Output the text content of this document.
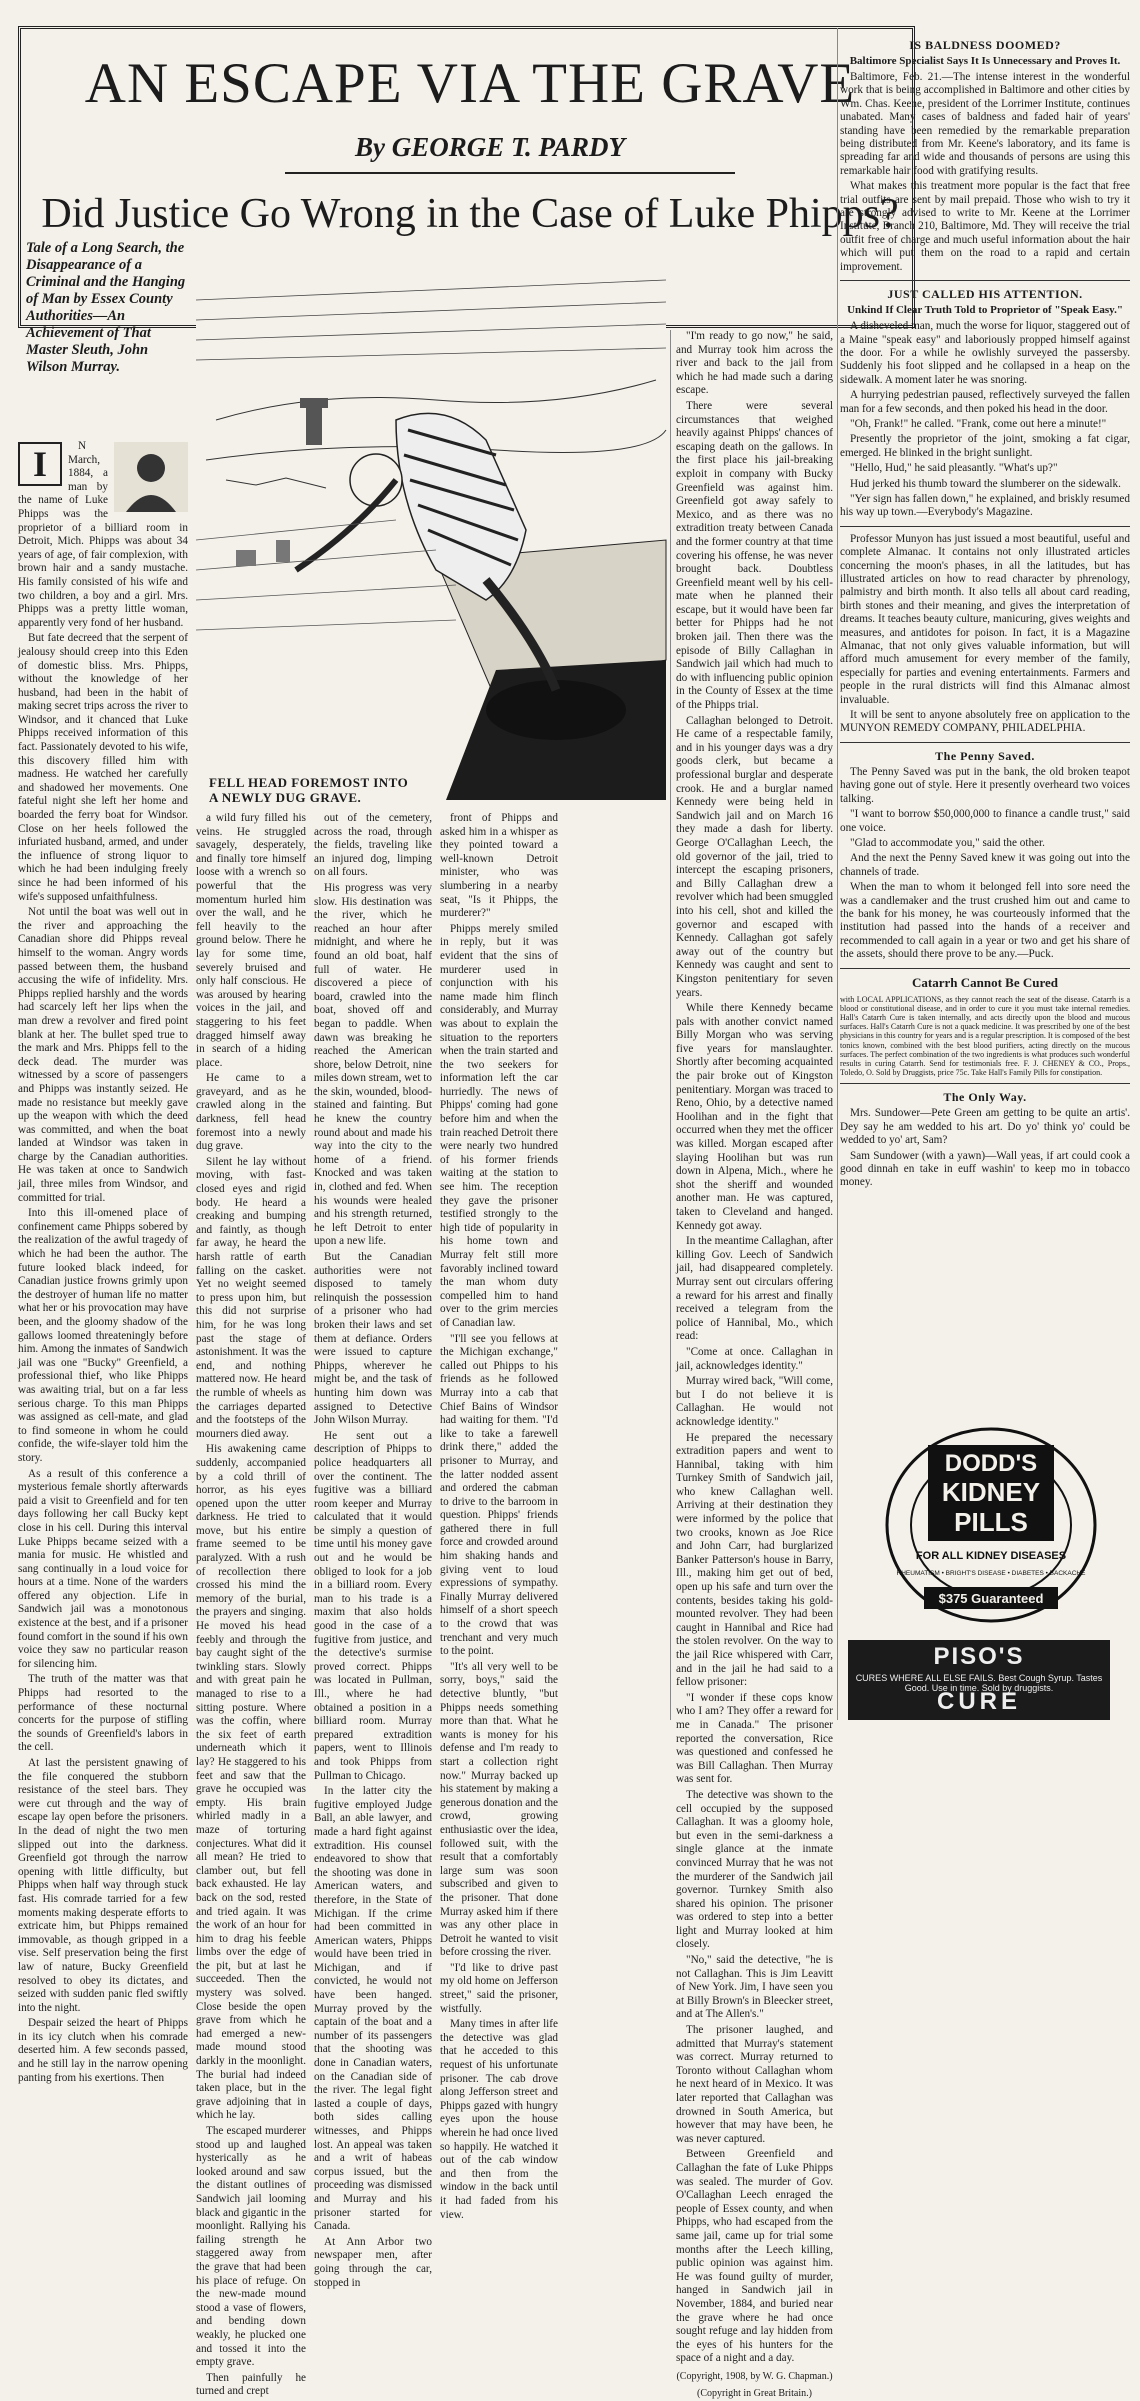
AN ESCAPE VIA THE GRAVE
By GEORGE T. PARDY
Did Justice Go Wrong in the Case of Luke Phipps?
Tale of a Long Search, the Disappearance of a Criminal and the Hanging of Man by Essex County Authorities—An Achievement of That Master Sleuth, John Wilson Murray.
FELL HEAD FOREMOST INTO A NEWLY DUG GRAVE.
I	N March, 1884, a man by the name of Luke Phipps was the proprietor of a billiard room in Detroit, Mich. Phipps was about 34 years of age, of fair complexion, with brown hair and a sandy mustache. His family consisted of his wife and two children, a boy and a girl. Mrs. Phipps was a pretty little woman, apparently very fond of her husband.

But fate decreed that the serpent of jealousy should creep into this Eden of domestic bliss. Mrs. Phipps, without the knowledge of her husband, had been in the habit of making secret trips across the river to Windsor, and it chanced that Luke Phipps received information of this fact. Passionately devoted to his wife, this discovery filled him with madness. He watched her carefully and shadowed her movements. One fateful night she left her home and boarded the ferry boat for Windsor. Close on her heels followed the infuriated husband, armed, and under the influence of strong liquor to which he had been indulging freely since he had been informed of his wife's supposed unfaithfulness.

Not until the boat was well out in the river and approaching the Canadian shore did Phipps reveal himself to the woman. Angry words passed between them, the husband accusing the wife of infidelity. Mrs. Phipps replied harshly and the words had scarcely left her lips when the man drew a revolver and fired point blank at her. The bullet sped true to the mark and Mrs. Phipps fell to the deck dead. The murder was witnessed by a score of passengers and Phipps was instantly seized. He made no resistance but meekly gave up the weapon with which the deed was committed, and when the boat landed at Windsor was taken in charge by the Canadian authorities. He was taken at once to Sandwich jail, three miles from Windsor, and committed for trial.

Into this ill-omened place of confinement came Phipps sobered by the realization of the awful tragedy of which he had been the author. The future looked black indeed, for Canadian justice frowns grimly upon the destroyer of human life no matter what her or his provocation may have been, and the gloomy shadow of the gallows loomed threateningly before him. Among the inmates of Sandwich jail was one "Bucky" Greenfield, a professional thief, who like Phipps was awaiting trial, but on a far less serious charge. To this man Phipps was assigned as cell-mate, and glad to find someone in whom he could confide, the wife-slayer told him the story.

As a result of this conference a mysterious female shortly afterwards paid a visit to Greenfield and for ten days following her call Bucky kept close in his cell. During this interval Luke Phipps became seized with a mania for music. He whistled and sang continually in a loud voice for hours at a time. None of the warders offered any objection. Life in Sandwich jail was a monotonous existence at the best, and if a prisoner found comfort in the sound if his own voice they saw no particular reason for silencing him.

The truth of the matter was that Phipps had resorted to the performance of these nocturnal concerts for the purpose of stifling the sounds of Greenfield's labors in the cell.

At last the persistent gnawing of the file conquered the stubborn resistance of the steel bars. They were cut through and the way of escape lay open before the prisoners. In the dead of night the two men slipped out into the darkness. Greenfield got through the narrow opening with little difficulty, but Phipps when half way through stuck fast. His comrade tarried for a few moments making desperate efforts to extricate him, but Phipps remained immovable, as though gripped in a vise. Self preservation being the first law of nature, Bucky Greenfield resolved to obey its dictates, and seized with sudden panic fled swiftly into the night.

Despair seized the heart of Phipps in its icy clutch when his comrade deserted him. A few seconds passed, and he still lay in the narrow opening panting from his exertions. Then

a wild fury filled his veins. He struggled savagely, desperately, and finally tore himself loose with a wrench so powerful that the momentum hurled him over the wall, and he fell heavily to the ground below. There he lay for some time, severely bruised and only half conscious. He was aroused by hearing voices in the jail, and staggering to his feet dragged himself away in search of a hiding place.

He came to a graveyard, and as he crawled along in the darkness, fell head foremost into a newly dug grave.

Silent he lay without moving, with fast-closed eyes and rigid body. He heard a creaking and bumping and faintly, as though far away, he heard the harsh rattle of earth falling on the casket. Yet no weight seemed to press upon him, but this did not surprise him, for he was long past the stage of astonishment. It was the end, and nothing mattered now. He heard the rumble of wheels as the carriages departed and the footsteps of the mourners died away.

His awakening came suddenly, accompanied by a cold thrill of horror, as his eyes opened upon the utter darkness. He tried to move, but his entire frame seemed to be paralyzed. With a rush of recollection there crossed his mind the memory of the burial, the prayers and singing. He moved his head feebly and through the bay caught sight of the twinkling stars. Slowly and with great pain he managed to rise to a sitting posture. Where was the coffin, where the six feet of earth underneath which it lay? He staggered to his feet and saw that the grave he occupied was empty. His brain whirled madly in a maze of torturing conjectures. What did it all mean? He tried to clamber out, but fell back exhausted. He lay back on the sod, rested and tried again. It was the work of an hour for him to drag his feeble limbs over the edge of the pit, but at last he succeeded. Then the mystery was solved. Close beside the open grave from which he had emerged a new-made mound stood darkly in the moonlight. The burial had indeed taken place, but in the grave adjoining that in which he lay.

The escaped murderer stood up and laughed hysterically as he looked around and saw the distant outlines of Sandwich jail looming black and gigantic in the moonlight. Rallying his failing strength he staggered away from the grave that had been his place of refuge. On the new-made mound stood a vase of flowers, and bending down weakly, he plucked one and tossed it into the empty grave.

Then painfully he turned and crept

out of the cemetery, across the road, through the fields, traveling like an injured dog, limping on all fours.

His progress was very slow. His destination was the river, which he reached an hour after midnight, and where he found an old boat, half full of water. He discovered a piece of board, crawled into the boat, shoved off and began to paddle. When dawn was breaking he reached the American shore, below Detroit, nine miles down stream, wet to the skin, wounded, blood-stained and fainting. But he knew the country round about and made his way into the city to the home of a friend. Knocked and was taken in, clothed and fed. When his wounds were healed and his strength returned, he left Detroit to enter upon a new life.

But the Canadian authorities were not disposed to tamely relinquish the possession of a prisoner who had broken their laws and set them at defiance. Orders were issued to capture Phipps, wherever he might be, and the task of hunting him down was assigned to Detective John Wilson Murray.

He sent out a description of Phipps to police headquarters all over the continent. The fugitive was a billiard room keeper and Murray calculated that it would be simply a question of time until his money gave out and he would be obliged to look for a job in a billiard room. Every man to his trade is a maxim that also holds good in the case of a fugitive from justice, and the detective's surmise proved correct. Phipps was located in Pullman, Ill., where he had obtained a position in a billiard room. Murray prepared extradition papers, went to Illinois and took Phipps from Pullman to Chicago.

In the latter city the fugitive employed Judge Ball, an able lawyer, and made a hard fight against extradition. His counsel endeavored to show that the shooting was done in American waters, and therefore, in the State of Michigan. If the crime had been committed in American waters, Phipps would have been tried in Michigan, and if convicted, he would not have been hanged. Murray proved by the captain of the boat and a number of its passengers that the shooting was done in Canadian waters, on the Canadian side of the river. The legal fight lasted a couple of days, both sides calling witnesses, and Phipps lost. An appeal was taken and a writ of habeas corpus issued, but the proceeding was dismissed and Murray and his prisoner started for Canada.

At Ann Arbor two newspaper men, after going through the car, stopped in

front of Phipps and asked him in a whisper as they pointed toward a well-known Detroit minister, who was slumbering in a nearby seat, "Is it Phipps, the murderer?"

Phipps merely smiled in reply, but it was evident that the sins of murderer used in conjunction with his name made him flinch considerably, and Murray was about to explain the situation to the reporters when the train started and the two seekers for information left the car hurriedly. The news of Phipps' coming had gone before him and when the train reached Detroit there were nearly two hundred of his former friends waiting at the station to see him. The reception they gave the prisoner testified strongly to the high tide of popularity in his home town and Murray felt still more favorably inclined toward the man whom duty compelled him to hand over to the grim mercies of Canadian law.

"I'll see you fellows at the Michigan exchange," called out Phipps to his friends as he followed Murray into a cab that Chief Bains of Windsor had waiting for them. "I'd like to take a farewell drink there," added the prisoner to Murray, and the latter nodded assent and ordered the cabman to drive to the barroom in question. Phipps' friends gathered there in full force and crowded around him shaking hands and giving vent to loud expressions of sympathy. Finally Murray delivered himself of a short speech to the crowd that was trenchant and very much to the point.

"It's all very well to be sorry, boys," said the detective bluntly, "but Phipps needs something more than that. What he wants is money for his defense and I'm ready to start a collection right now." Murray backed up his statement by making a generous donation and the crowd, growing enthusiastic over the idea, followed suit, with the result that a comfortably large sum was soon subscribed and given to the prisoner. That done Murray asked him if there was any other place in Detroit he wanted to visit before crossing the river.

"I'd like to drive past my old home on Jefferson street," said the prisoner, wistfully.

Many times in after life the detective was glad that he acceded to this request of his unfortunate prisoner. The cab drove along Jefferson street and Phipps gazed with hungry eyes upon the house wherein he had once lived so happily. He watched it out of the cab window and then from the window in the back until it had faded from his view.

"I'm ready to go now," he said, and Murray took him across the river and back to the jail from which he had made such a daring escape.

There were several circumstances that weighed heavily against Phipps' chances of escaping death on the gallows. In the first place his jail-breaking exploit in company with Bucky Greenfield was against him. Greenfield got away safely to Mexico, and as there was no extradition treaty between Canada and the former country at that time covering his offense, he was never brought back. Doubtless Greenfield meant well by his cell-mate when he planned their escape, but it would have been far better for Phipps had he not broken jail. Then there was the episode of Billy Callaghan in Sandwich jail which had much to do with influencing public opinion in the County of Essex at the time of the Phipps trial.

Callaghan belonged to Detroit. He came of a respectable family, and in his younger days was a dry goods clerk, but became a professional burglar and desperate crook. He and a burglar named Kennedy were being held in Sandwich jail and on March 16 they made a dash for liberty. George O'Callaghan Leech, the old governor of the jail, tried to intercept the escaping prisoners, and Billy Callaghan drew a revolver which had been smuggled into his cell, shot and killed the governor and escaped with Kennedy. Callaghan got safely away out of the country but Kennedy was caught and sent to Kingston penitentiary for seven years.

While there Kennedy became pals with another convict named Billy Morgan who was serving five years for manslaughter. Shortly after becoming acquainted the pair broke out of Kingston penitentiary. Morgan was traced to Reno, Ohio, by a detective named Hoolihan and in the fight that occurred when they met the officer was killed. Morgan escaped after slaying Hoolihan but was run down in Alpena, Mich., where he shot the sheriff and wounded another man. He was captured, taken to Cleveland and hanged. Kennedy got away.

In the meantime Callaghan, after killing Gov. Leech of Sandwich jail, had disappeared completely. Murray sent out circulars offering a reward for his arrest and finally received a telegram from the police of Hannibal, Mo., which read:

"Come at once. Callaghan in jail, acknowledges identity."

Murray wired back, "Will come, but I do not believe it is Callaghan. He would not acknowledge identity."

He prepared the necessary extradition papers and went to Hannibal, taking with him Turnkey Smith of Sandwich jail, who knew Callaghan well. Arriving at their destination they were informed by the police that two crooks, known as Joe Rice and John Carr, had burglarized Banker Patterson's house in Barry, Ill., making him get out of bed, open up his safe and turn over the contents, besides taking his gold-mounted revolver. They had been caught in Hannibal and Rice had the stolen revolver. On the way to the jail Rice whispered with Carr, and in the jail he had said to a fellow prisoner:

"I wonder if these cops know who I am? They offer a reward for me in Canada." The prisoner reported the conversation, Rice was questioned and confessed he was Bill Callaghan. Then Murray was sent for.

The detective was shown to the cell occupied by the supposed Callaghan. It was a gloomy hole, but even in the semi-darkness a single glance at the inmate convinced Murray that he was not the murderer of the Sandwich jail governor. Turnkey Smith also shared his opinion. The prisoner was ordered to step into a better light and Murray looked at him closely.

"No," said the detective, "he is not Callaghan. This is Jim Leavitt of New York. Jim, I have seen you at Billy Brown's in Bleecker street, and at The Allen's."

The prisoner laughed, and admitted that Murray's statement was correct. Murray returned to Toronto without Callaghan whom he next heard of in Mexico. It was later reported that Callaghan was drowned in South America, but however that may have been, he was never captured.

Between Greenfield and Callaghan the fate of Luke Phipps was sealed. The murder of Gov. O'Callaghan Leech enraged the people of Essex county, and when Phipps, who had escaped from the same jail, came up for trial some months after the Leech killing, public opinion was against him. He was found guilty of murder, hanged in Sandwich jail in November, 1884, and buried near the grave where he had once sought refuge and lay hidden from the eyes of his hunters for the space of a night and a day.

(Copyright, 1908, by W. G. Chapman.)
(Copyright in Great Britain.)
IS BALDNESS DOOMED?
Baltimore Specialist Says It Is Unnecessary and Proves It.
Baltimore, Feb. 21.—The intense interest in the wonderful work that is being accomplished in Baltimore and other cities by Wm. Chas. Keene, president of the Lorrimer Institute, continues unabated. Many cases of baldness and faded hair of years' standing have been remedied by the remarkable preparation being distributed from Mr. Keene's laboratory, and its fame is spreading far and wide and thousands of persons are using this remarkable hair food with gratifying results.
What makes this treatment more popular is the fact that free trial outfits are sent by mail prepaid. Those who wish to try it are strongly advised to write to Mr. Keene at the Lorrimer Institute, Branch 210, Baltimore, Md. They will receive the trial outfit free of charge and much useful information about the hair which will put them on the road to a rapid and certain improvement.
JUST CALLED HIS ATTENTION.
Unkind If Clear Truth Told to Proprietor of "Speak Easy."
A disheveled man, much the worse for liquor, staggered out of a Maine "speak easy" and laboriously propped himself against the door. For a while he owlishly surveyed the passersby. Suddenly his foot slipped and he collapsed in a heap on the sidewalk. A moment later he was snoring.
A hurrying pedestrian paused, reflectively surveyed the fallen man for a few seconds, and then poked his head in the door.
"Oh, Frank!" he called. "Frank, come out here a minute!"
Presently the proprietor of the joint, smoking a fat cigar, emerged. He blinked in the bright sunlight.
"Hello, Hud," he said pleasantly. "What's up?"
Hud jerked his thumb toward the slumberer on the sidewalk.
"Yer sign has fallen down," he explained, and briskly resumed his way up town.—Everybody's Magazine.
Professor Munyon has just issued a most beautiful, useful and complete Almanac. It contains not only illustrated articles concerning the moon's phases, in all the latitudes, but has illustrated articles on how to read character by phrenology, palmistry and birth month. It also tells all about card reading, birth stones and their meaning, and gives the interpretation of dreams. It teaches beauty culture, manicuring, gives weights and measures, and antidotes for poison. In fact, it is a Magazine Almanac, that not only gives valuable information, but will afford much amusement for every member of the family, especially for parties and evening entertainments. Farmers and people in the rural districts will find this Almanac almost invaluable.
It will be sent to anyone absolutely free on application to the MUNYON REMEDY COMPANY, PHILADELPHIA.
The Penny Saved.
The Penny Saved was put in the bank, the old broken teapot having gone out of style. Here it presently overheard two voices talking.
"I want to borrow $50,000,000 to finance a candle trust," said one voice.
"Glad to accommodate you," said the other.
And the next the Penny Saved knew it was going out into the channels of trade.
When the man to whom it belonged fell into sore need the was a candlemaker and the trust crushed him out and came to the bank for his money, he was courteously informed that the institution had passed into the hands of a receiver and recommended to call again in a year or two and get his share of the assets, should there prove to be any.—Puck.
Catarrh Cannot Be Cured
with LOCAL APPLICATIONS, as they cannot reach the seat of the disease. Catarrh is a blood or constitutional disease, and in order to cure it you must take internal remedies. Hall's Catarrh Cure is taken internally, and acts directly upon the blood and mucous surfaces. Hall's Catarrh Cure is not a quack medicine. It was prescribed by one of the best physicians in this country for years and is a regular prescription. It is composed of the best tonics known, combined with the best blood purifiers, acting directly on the mucous surfaces. The perfect combination of the two ingredients is what produces such wonderful results in curing Catarrh. Send for testimonials free. F. J. CHENEY & CO., Props., Toledo, O. Sold by Druggists, price 75c. Take Hall's Family Pills for constipation.
The Only Way.
Mrs. Sundower—Pete Green am getting to be quite an artis'. Dey say he am wedded to his art. Do yo' think yo' could be wedded to yo' art, Sam?
Sam Sundower (with a yawn)—Wall yeas, if art could cook a good dinnah en take in euff washin' to keep mo in tobacco money.
DODD'S
KIDNEY
PILLS
FOR ALL KIDNEY DISEASES
RHEUMATISM • BRIGHT'S DISEASE • DIABETES • BACKACHE
$375 Guaranteed
PISO'S
CURES WHERE ALL ELSE FAILS. Best Cough Syrup. Tastes Good. Use in time. Sold by druggists.
CURE
